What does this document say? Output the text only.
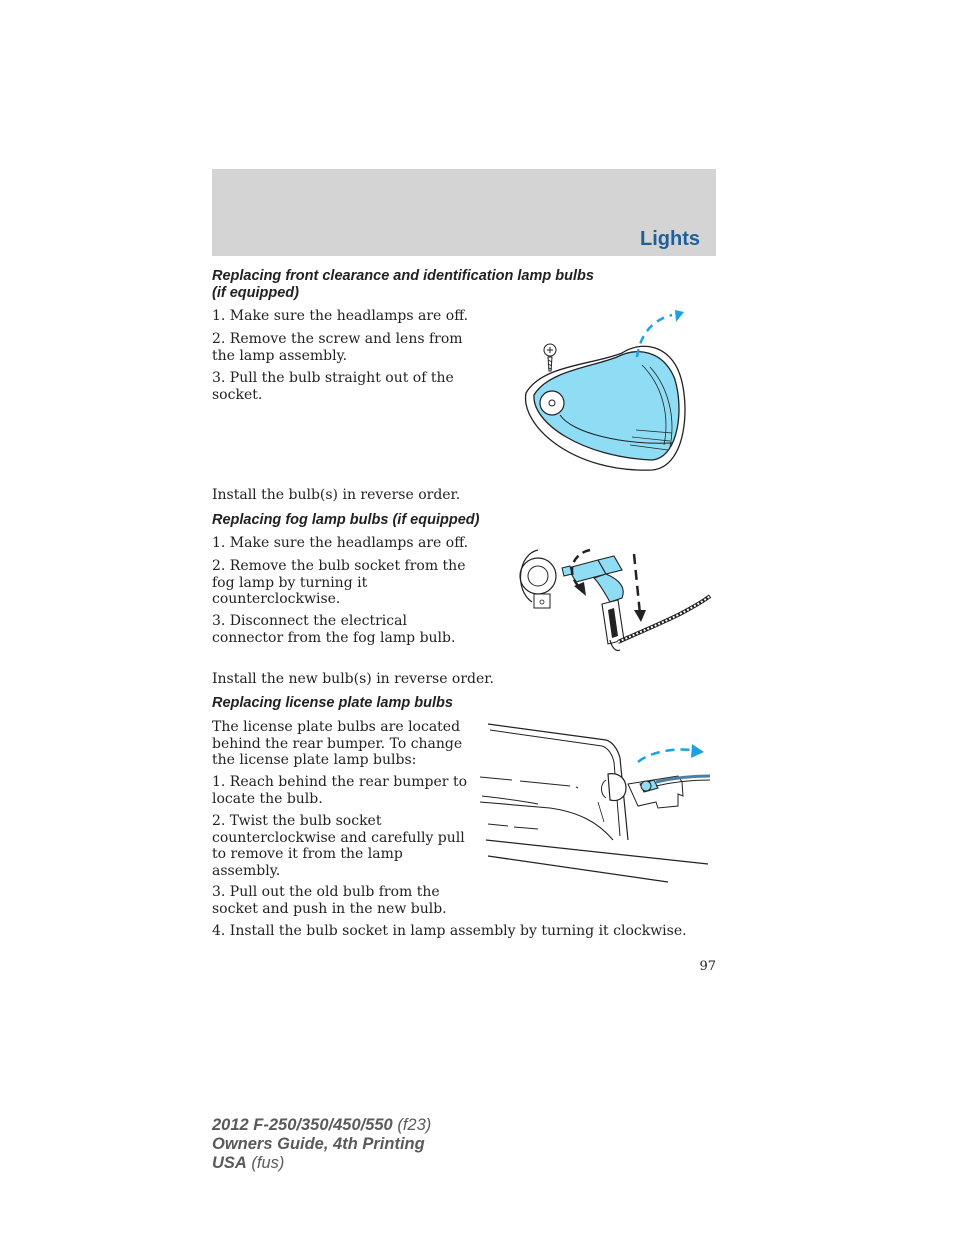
Lights
Replacing front clearance and identification lamp bulbs
(if equipped)
1. Make sure the headlamps are off.
2. Remove the screw and lens from
the lamp assembly.
3. Pull the bulb straight out of the
socket.
Install the bulb(s) in reverse order.
Replacing fog lamp bulbs (if equipped)
1. Make sure the headlamps are off.
2. Remove the bulb socket from the
fog lamp by turning it
counterclockwise.
3. Disconnect the electrical
connector from the fog lamp bulb.
Install the new bulb(s) in reverse order.
Replacing license plate lamp bulbs
The license plate bulbs are located
behind the rear bumper. To change
the license plate lamp bulbs:
1. Reach behind the rear bumper to
locate the bulb.
2. Twist the bulb socket
counterclockwise and carefully pull
to remove it from the lamp
assembly.
3. Pull out the old bulb from the
socket and push in the new bulb.
4. Install the bulb socket in lamp assembly by turning it clockwise.
97
2012 F-250/350/450/550 (f23)
Owners Guide, 4th Printing
USA (fus)
